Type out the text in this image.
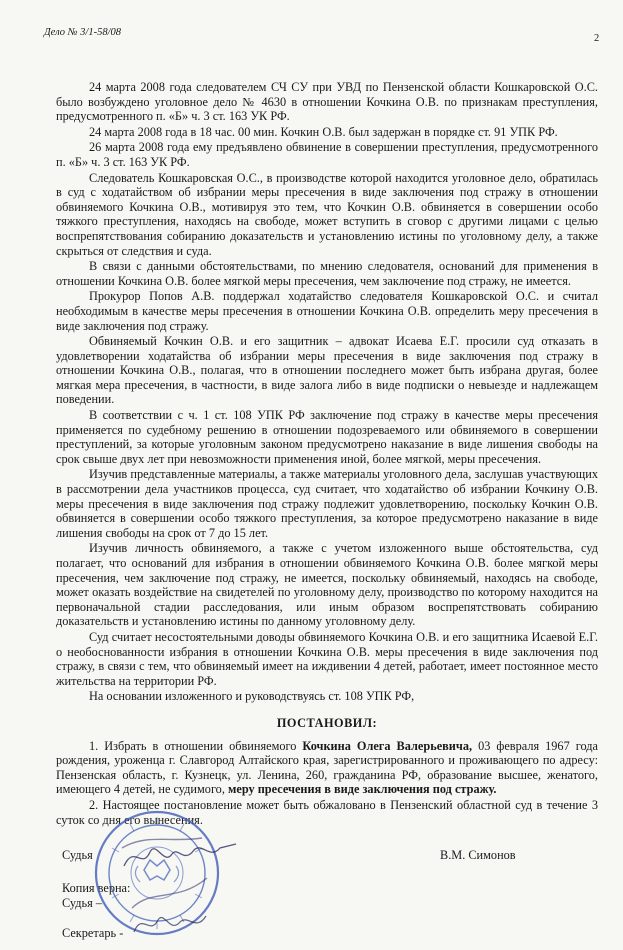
Дело № 3/1-58/08
2

24 марта 2008 года следователем СЧ СУ при УВД по Пензенской области Кошкаровской О.С. было возбуждено уголовное дело № 4630 в отношении Кочкина О.В. по признакам преступления, предусмотренного п. «Б» ч. 3 ст. 163 УК РФ.

24 марта 2008 года в 18 час. 00 мин. Кочкин О.В. был задержан в порядке ст. 91 УПК РФ.

26 марта 2008 года ему предъявлено обвинение в совершении преступления, предусмотренного п. «Б» ч. 3 ст. 163 УК РФ.

Следователь Кошкаровская О.С., в производстве которой находится уголовное дело, обратилась в суд с ходатайством об избрании меры пресечения в виде заключения под стражу в отношении обвиняемого Кочкина О.В., мотивируя это тем, что Кочкин О.В. обвиняется в совершении особо тяжкого преступления, находясь на свободе, может вступить в сговор с другими лицами с целью воспрепятствования собиранию доказательств и установлению истины по уголовному делу, а также скрыться от следствия и суда.

В связи с данными обстоятельствами, по мнению следователя, оснований для применения в отношении Кочкина О.В. более мягкой меры пресечения, чем заключение под стражу, не имеется.

Прокурор Попов А.В. поддержал ходатайство следователя Кошкаровской О.С. и считал необходимым в качестве меры пресечения в отношении Кочкина О.В. определить меру пресечения в виде заключения под стражу.

Обвиняемый Кочкин О.В. и его защитник – адвокат Исаева Е.Г. просили суд отказать в удовлетворении ходатайства об избрании меры пресечения в виде заключения под стражу в отношении Кочкина О.В., полагая, что в отношении последнего может быть избрана другая, более мягкая мера пресечения, в частности, в виде залога либо в виде подписки о невыезде и надлежащем поведении.

В соответствии с ч. 1 ст. 108 УПК РФ заключение под стражу в качестве меры пресечения применяется по судебному решению в отношении подозреваемого или обвиняемого в совершении преступлений, за которые уголовным законом предусмотрено наказание в виде лишения свободы на срок свыше двух лет при невозможности применения иной, более мягкой, меры пресечения.

Изучив представленные материалы, а также материалы уголовного дела, заслушав участвующих в рассмотрении дела участников процесса, суд считает, что ходатайство об избрании Кочкину О.В. меры пресечения в виде заключения под стражу подлежит удовлетворению, поскольку Кочкин О.В. обвиняется в совершении особо тяжкого преступления, за которое предусмотрено наказание в виде лишения свободы на срок от 7 до 15 лет.

Изучив личность обвиняемого, а также с учетом изложенного выше обстоятельства, суд полагает, что оснований для избрания в отношении обвиняемого Кочкина О.В. более мягкой меры пресечения, чем заключение под стражу, не имеется, поскольку обвиняемый, находясь на свободе, может оказать воздействие на свидетелей по уголовному делу, производство по которому находится на первоначальной стадии расследования, или иным образом воспрепятствовать собиранию доказательств и установлению истины по данному уголовному делу.

Суд считает несостоятельными доводы обвиняемого Кочкина О.В. и его защитника Исаевой Е.Г. о необоснованности избрания в отношении Кочкина О.В. меры пресечения в виде заключения под стражу, в связи с тем, что обвиняемый имеет на иждивении 4 детей, работает, имеет постоянное место жительства на территории РФ.

На основании изложенного и руководствуясь ст. 108 УПК РФ,

ПОСТАНОВИЛ:

1. Избрать в отношении обвиняемого Кочкина Олега Валерьевича, 03 февраля 1967 года рождения, уроженца г. Славгород Алтайского края, зарегистрированного и проживающего по адресу: Пензенская область, г. Кузнецк, ул. Ленина, 260, гражданина РФ, образование высшее, женатого, имеющего 4 детей, не судимого, меру пресечения в виде заключения под стражу.

2. Настоящее постановление может быть обжаловано в Пензенский областной суд в течение 3 суток со дня его вынесения.

Судья	В.М. Симонов
Копия верна:
Судья –
Секретарь -
